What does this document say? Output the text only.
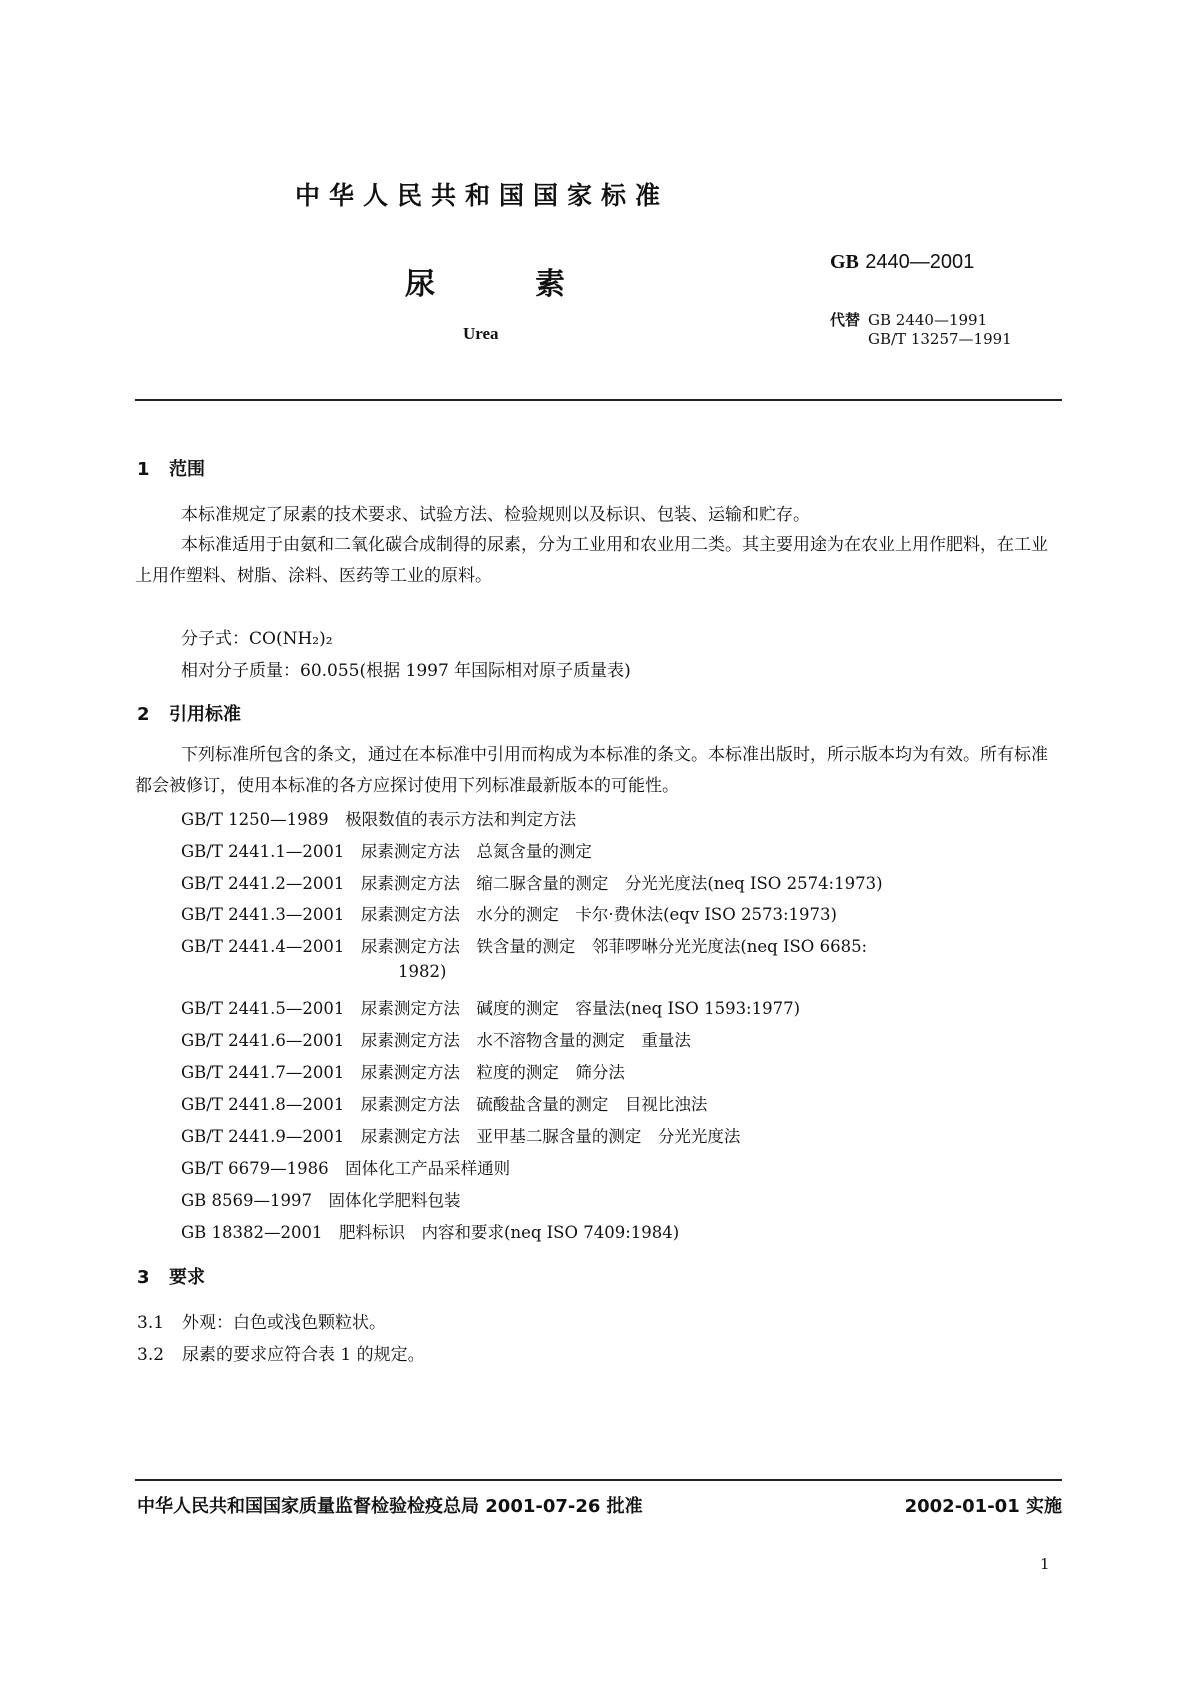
中华人民共和国国家标准
尿素
Urea
GB 2440—2001
代替 GB 2440—1991
GB/T 13257—1991
1 范围
本标准规定了尿素的技术要求、试验方法、检验规则以及标识、包装、运输和贮存。
本标准适用于由氨和二氧化碳合成制得的尿素，分为工业用和农业用二类。其主要用途为在农业上用作肥料，在工业上用作塑料、树脂、涂料、医药等工业的原料。
分子式：CO(NH₂)₂
相对分子质量：60.055(根据 1997 年国际相对原子质量表)
2 引用标准
下列标准所包含的条文，通过在本标准中引用而构成为本标准的条文。本标准出版时，所示版本均为有效。所有标准都会被修订，使用本标准的各方应探讨使用下列标准最新版本的可能性。
GB/T 1250—1989　极限数值的表示方法和判定方法
GB/T 2441.1—2001　尿素测定方法　总氮含量的测定
GB/T 2441.2—2001　尿素测定方法　缩二脲含量的测定　分光光度法(neq ISO 2574:1973)
GB/T 2441.3—2001　尿素测定方法　水分的测定　卡尔·费休法(eqv ISO 2573:1973)
GB/T 2441.4—2001　尿素测定方法　铁含量的测定　邻菲啰啉分光光度法(neq ISO 6685:
1982)
GB/T 2441.5—2001　尿素测定方法　碱度的测定　容量法(neq ISO 1593:1977)
GB/T 2441.6—2001　尿素测定方法　水不溶物含量的测定　重量法
GB/T 2441.7—2001　尿素测定方法　粒度的测定　筛分法
GB/T 2441.8—2001　尿素测定方法　硫酸盐含量的测定　目视比浊法
GB/T 2441.9—2001　尿素测定方法　亚甲基二脲含量的测定　分光光度法
GB/T 6679—1986　固体化工产品采样通则
GB 8569—1997　固体化学肥料包装
GB 18382—2001　肥料标识　内容和要求(neq ISO 7409:1984)
3 要求
3.1 外观：白色或浅色颗粒状。
3.2 尿素的要求应符合表 1 的规定。
中华人民共和国国家质量监督检验检疫总局 2001-07-26 批准	2002-01-01 实施
1
